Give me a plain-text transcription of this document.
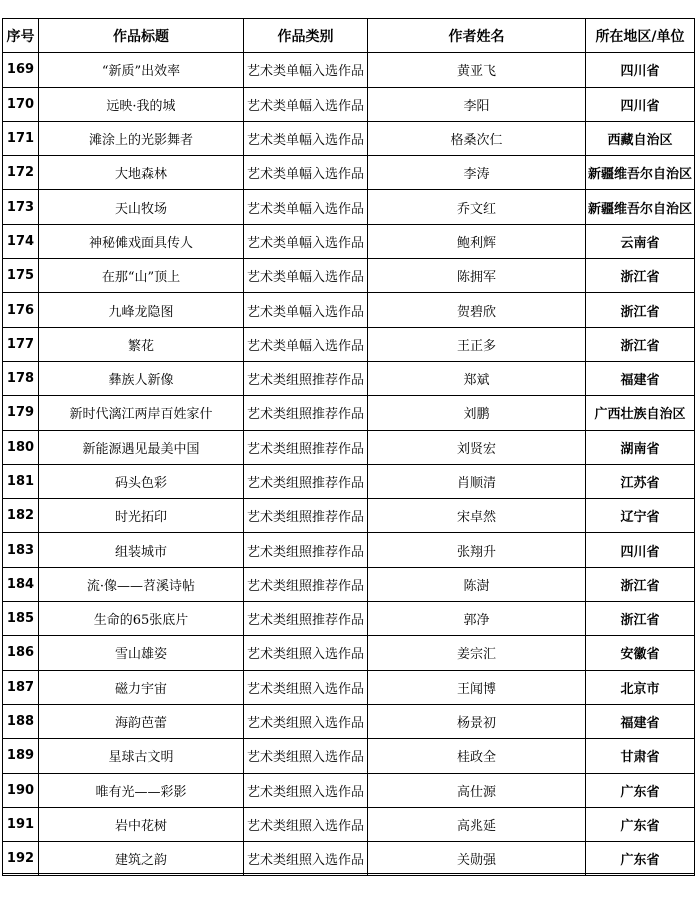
序号	作品标题	作品类别	作者姓名	所在地区/单位
169	“新质”出效率	艺术类单幅入选作品	黄亚飞	四川省
170	远映·我的城	艺术类单幅入选作品	李阳	四川省
171	滩涂上的光影舞者	艺术类单幅入选作品	格桑次仁	西藏自治区
172	大地森林	艺术类单幅入选作品	李涛	新疆维吾尔自治区
173	天山牧场	艺术类单幅入选作品	乔文红	新疆维吾尔自治区
174	神秘傩戏面具传人	艺术类单幅入选作品	鲍利辉	云南省
175	在那“山”顶上	艺术类单幅入选作品	陈拥军	浙江省
176	九峰龙隐图	艺术类单幅入选作品	贺碧欣	浙江省
177	繁花	艺术类单幅入选作品	王正多	浙江省
178	彝族人新像	艺术类组照推荐作品	郑斌	福建省
179	新时代漓江两岸百姓家什	艺术类组照推荐作品	刘鹏	广西壮族自治区
180	新能源遇见最美中国	艺术类组照推荐作品	刘贤宏	湖南省
181	码头色彩	艺术类组照推荐作品	肖顺清	江苏省
182	时光拓印	艺术类组照推荐作品	宋卓然	辽宁省
183	组装城市	艺术类组照推荐作品	张翔升	四川省
184	流·像——苕溪诗帖	艺术类组照推荐作品	陈澍	浙江省
185	生命的65张底片	艺术类组照推荐作品	郭净	浙江省
186	雪山雄姿	艺术类组照入选作品	姜宗汇	安徽省
187	磁力宇宙	艺术类组照入选作品	王闻博	北京市
188	海韵芭蕾	艺术类组照入选作品	杨景初	福建省
189	星球古文明	艺术类组照入选作品	桂政全	甘肃省
190	唯有光——彩影	艺术类组照入选作品	高仕源	广东省
191	岩中花树	艺术类组照入选作品	高兆延	广东省
192	建筑之韵	艺术类组照入选作品	关勋强	广东省
